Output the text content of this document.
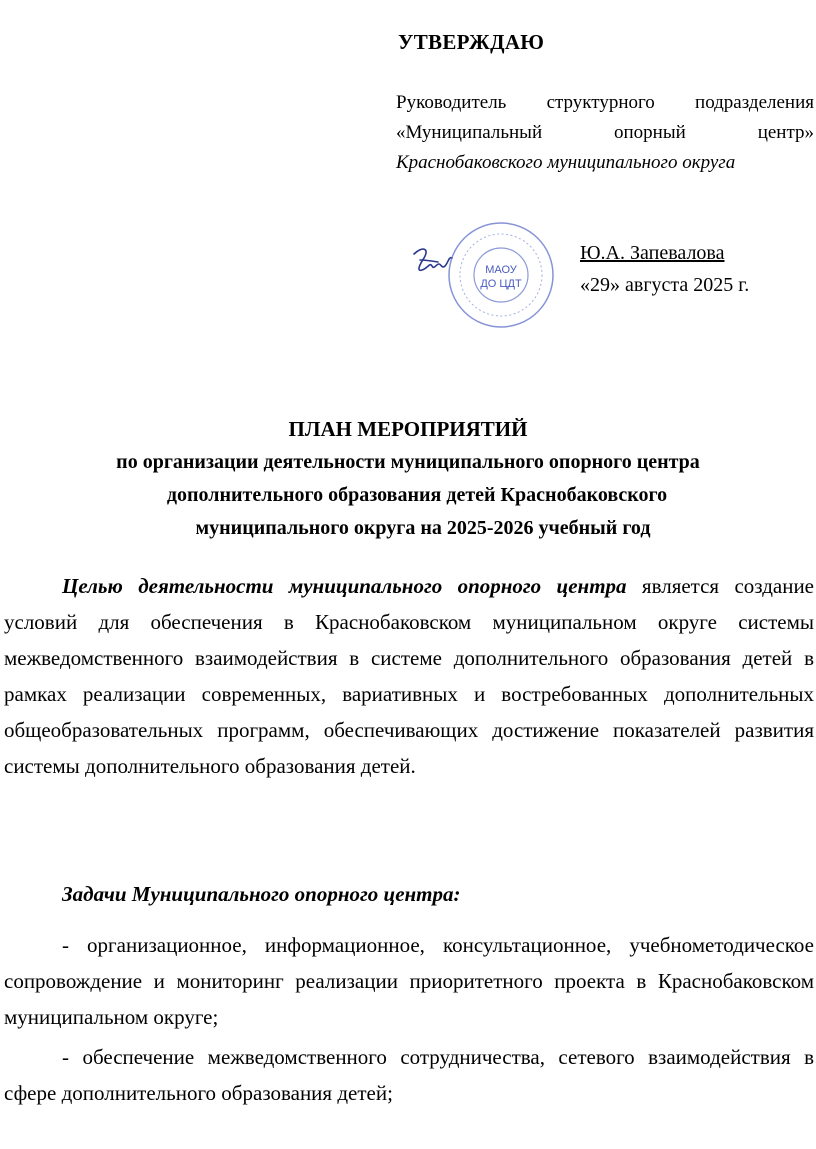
УТВЕРЖДАЮ
Руководитель структурного подразделения
«Муниципальный опорный центр»
Краснобаковского муниципального округа
МАОУ
ДО ЦДТ
Ю.А. Запевалова
«29» августа 2025 г.
ПЛАН МЕРОПРИЯТИЙ
по организации деятельности муниципального опорного центра
дополнительного образования детей Краснобаковского
муниципального округа на 2025-2026 учебный год
Целью деятельности муниципального опорного центра является создание условий для обеспечения в Краснобаковском муниципальном округе системы межведомственного взаимодействия в системе дополнительного образования детей в рамках реализации современных, вариативных и востребованных дополнительных общеобразовательных программ, обеспечивающих достижение показателей развития системы дополнительного образования детей.
Задачи Муниципального опорного центра:
- организационное, информационное, консультационное, учебнометодическое сопровождение и мониторинг реализации приоритетного проекта в Краснобаковском муниципальном округе;
- обеспечение межведомственного сотрудничества, сетевого взаимодействия в сфере дополнительного образования детей;
